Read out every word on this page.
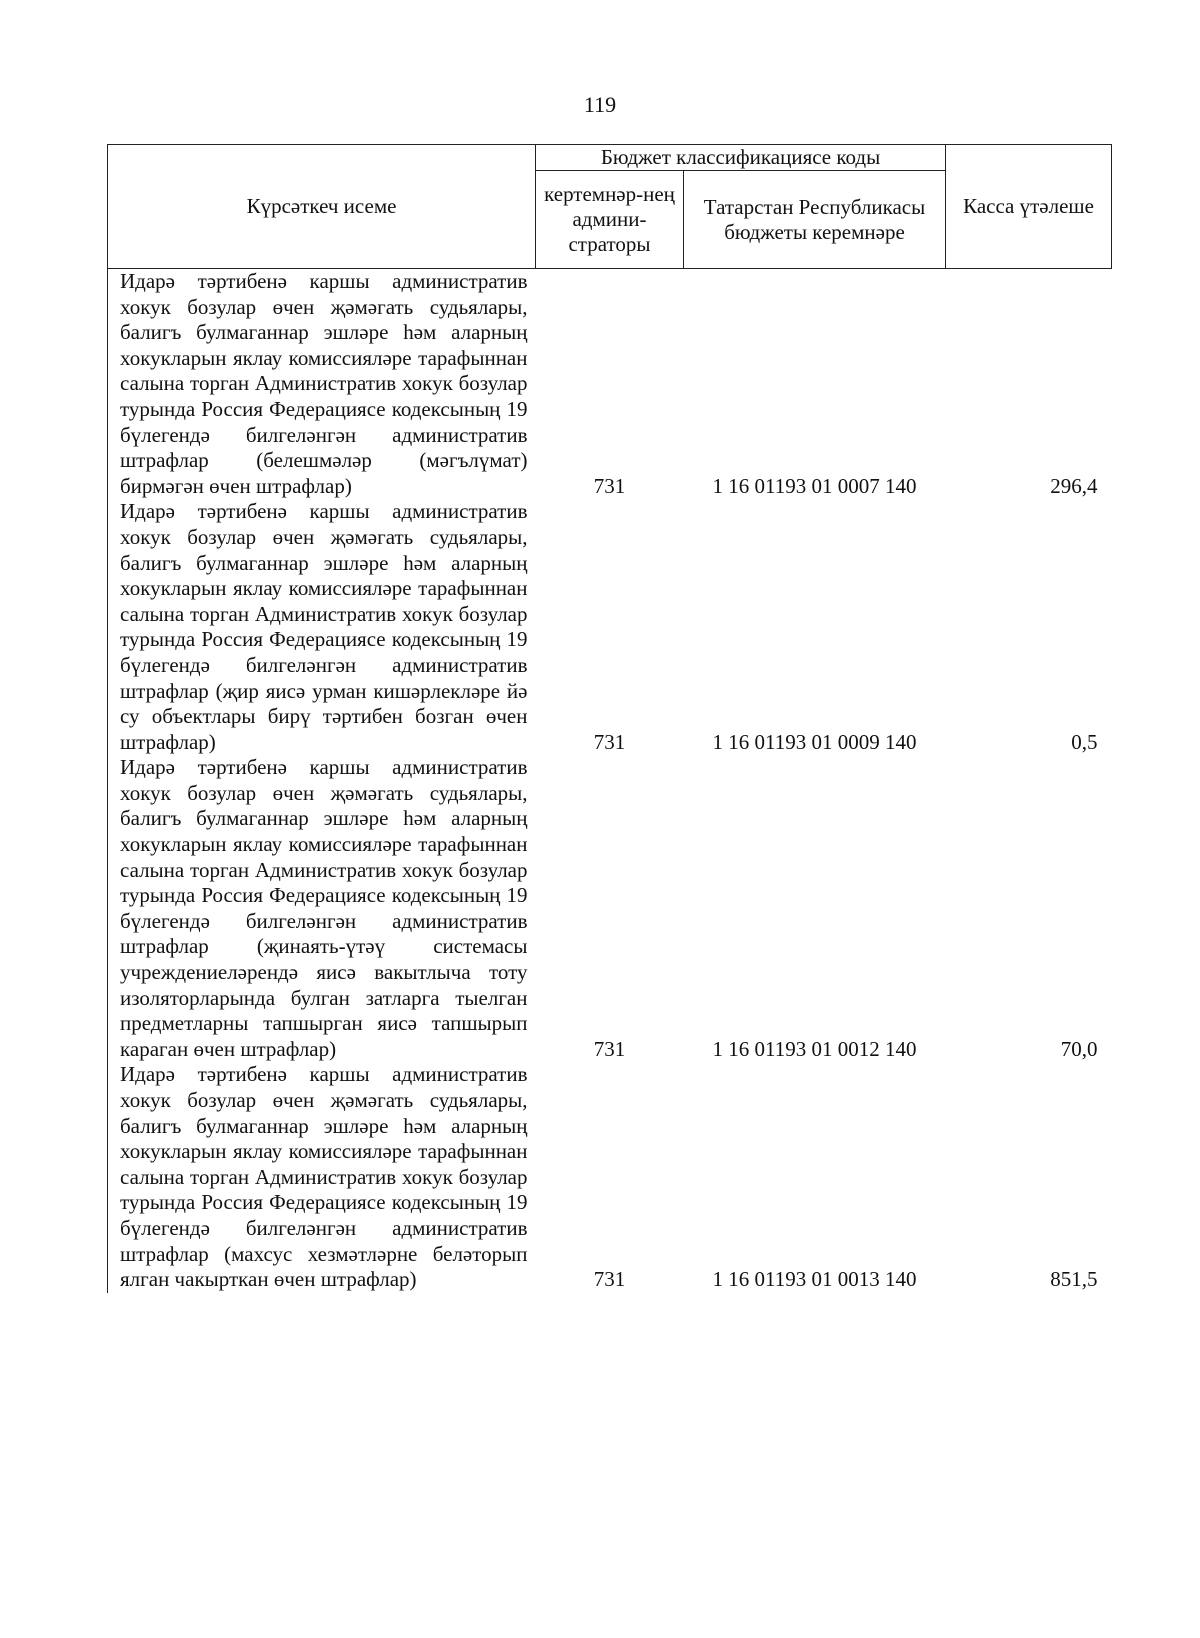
119
Күрсәткеч исеме	Бюджет классификациясе коды		Касса үтәлеше
	кертемнәр-нең админи-страторы	Татарстан Республикасы бюджеты керемнәре	

Идарә тәртибенә каршы административ хокук бозулар өчен җәмәгать судьялары, балигъ булмаганнар эшләре һәм аларның хокукларын яклау комиссияләре тарафыннан салына торган Административ хокук бозулар турында Россия Федерациясе кодексының 19 бүлегендә билгеләнгән административ штрафлар (белешмәләр (мәгълүмат) бирмәгән өчен штрафлар)	731	1 16 01193 01 0007 140	296,4

Идарә тәртибенә каршы административ хокук бозулар өчен җәмәгать судьялары, балигъ булмаганнар эшләре һәм аларның хокукларын яклау комиссияләре тарафыннан салына торган Административ хокук бозулар турында Россия Федерациясе кодексының 19 бүлегендә билгеләнгән административ штрафлар (җир яисә урман кишәрлекләре йә су объектлары бирү тәртибен бозган өчен штрафлар)	731	1 16 01193 01 0009 140	0,5

Идарә тәртибенә каршы административ хокук бозулар өчен җәмәгать судьялары, балигъ булмаганнар эшләре һәм аларның хокукларын яклау комиссияләре тарафыннан салына торган Административ хокук бозулар турында Россия Федерациясе кодексының 19 бүлегендә билгеләнгән административ штрафлар (җинаять-үтәү системасы учреждениеләрендә яисә вакытлыча тоту изоляторларында булган затларга тыелган предметларны тапшырган яисә тапшырып караган өчен штрафлар)	731	1 16 01193 01 0012 140	70,0

Идарә тәртибенә каршы административ хокук бозулар өчен җәмәгать судьялары, балигъ булмаганнар эшләре һәм аларның хокукларын яклау комиссияләре тарафыннан салына торган Административ хокук бозулар турында Россия Федерациясе кодексының 19 бүлегендә билгеләнгән административ штрафлар (махсус хезмәтләрне беләторып ялган чакырткан өчен штрафлар)	731	1 16 01193 01 0013 140	851,5
